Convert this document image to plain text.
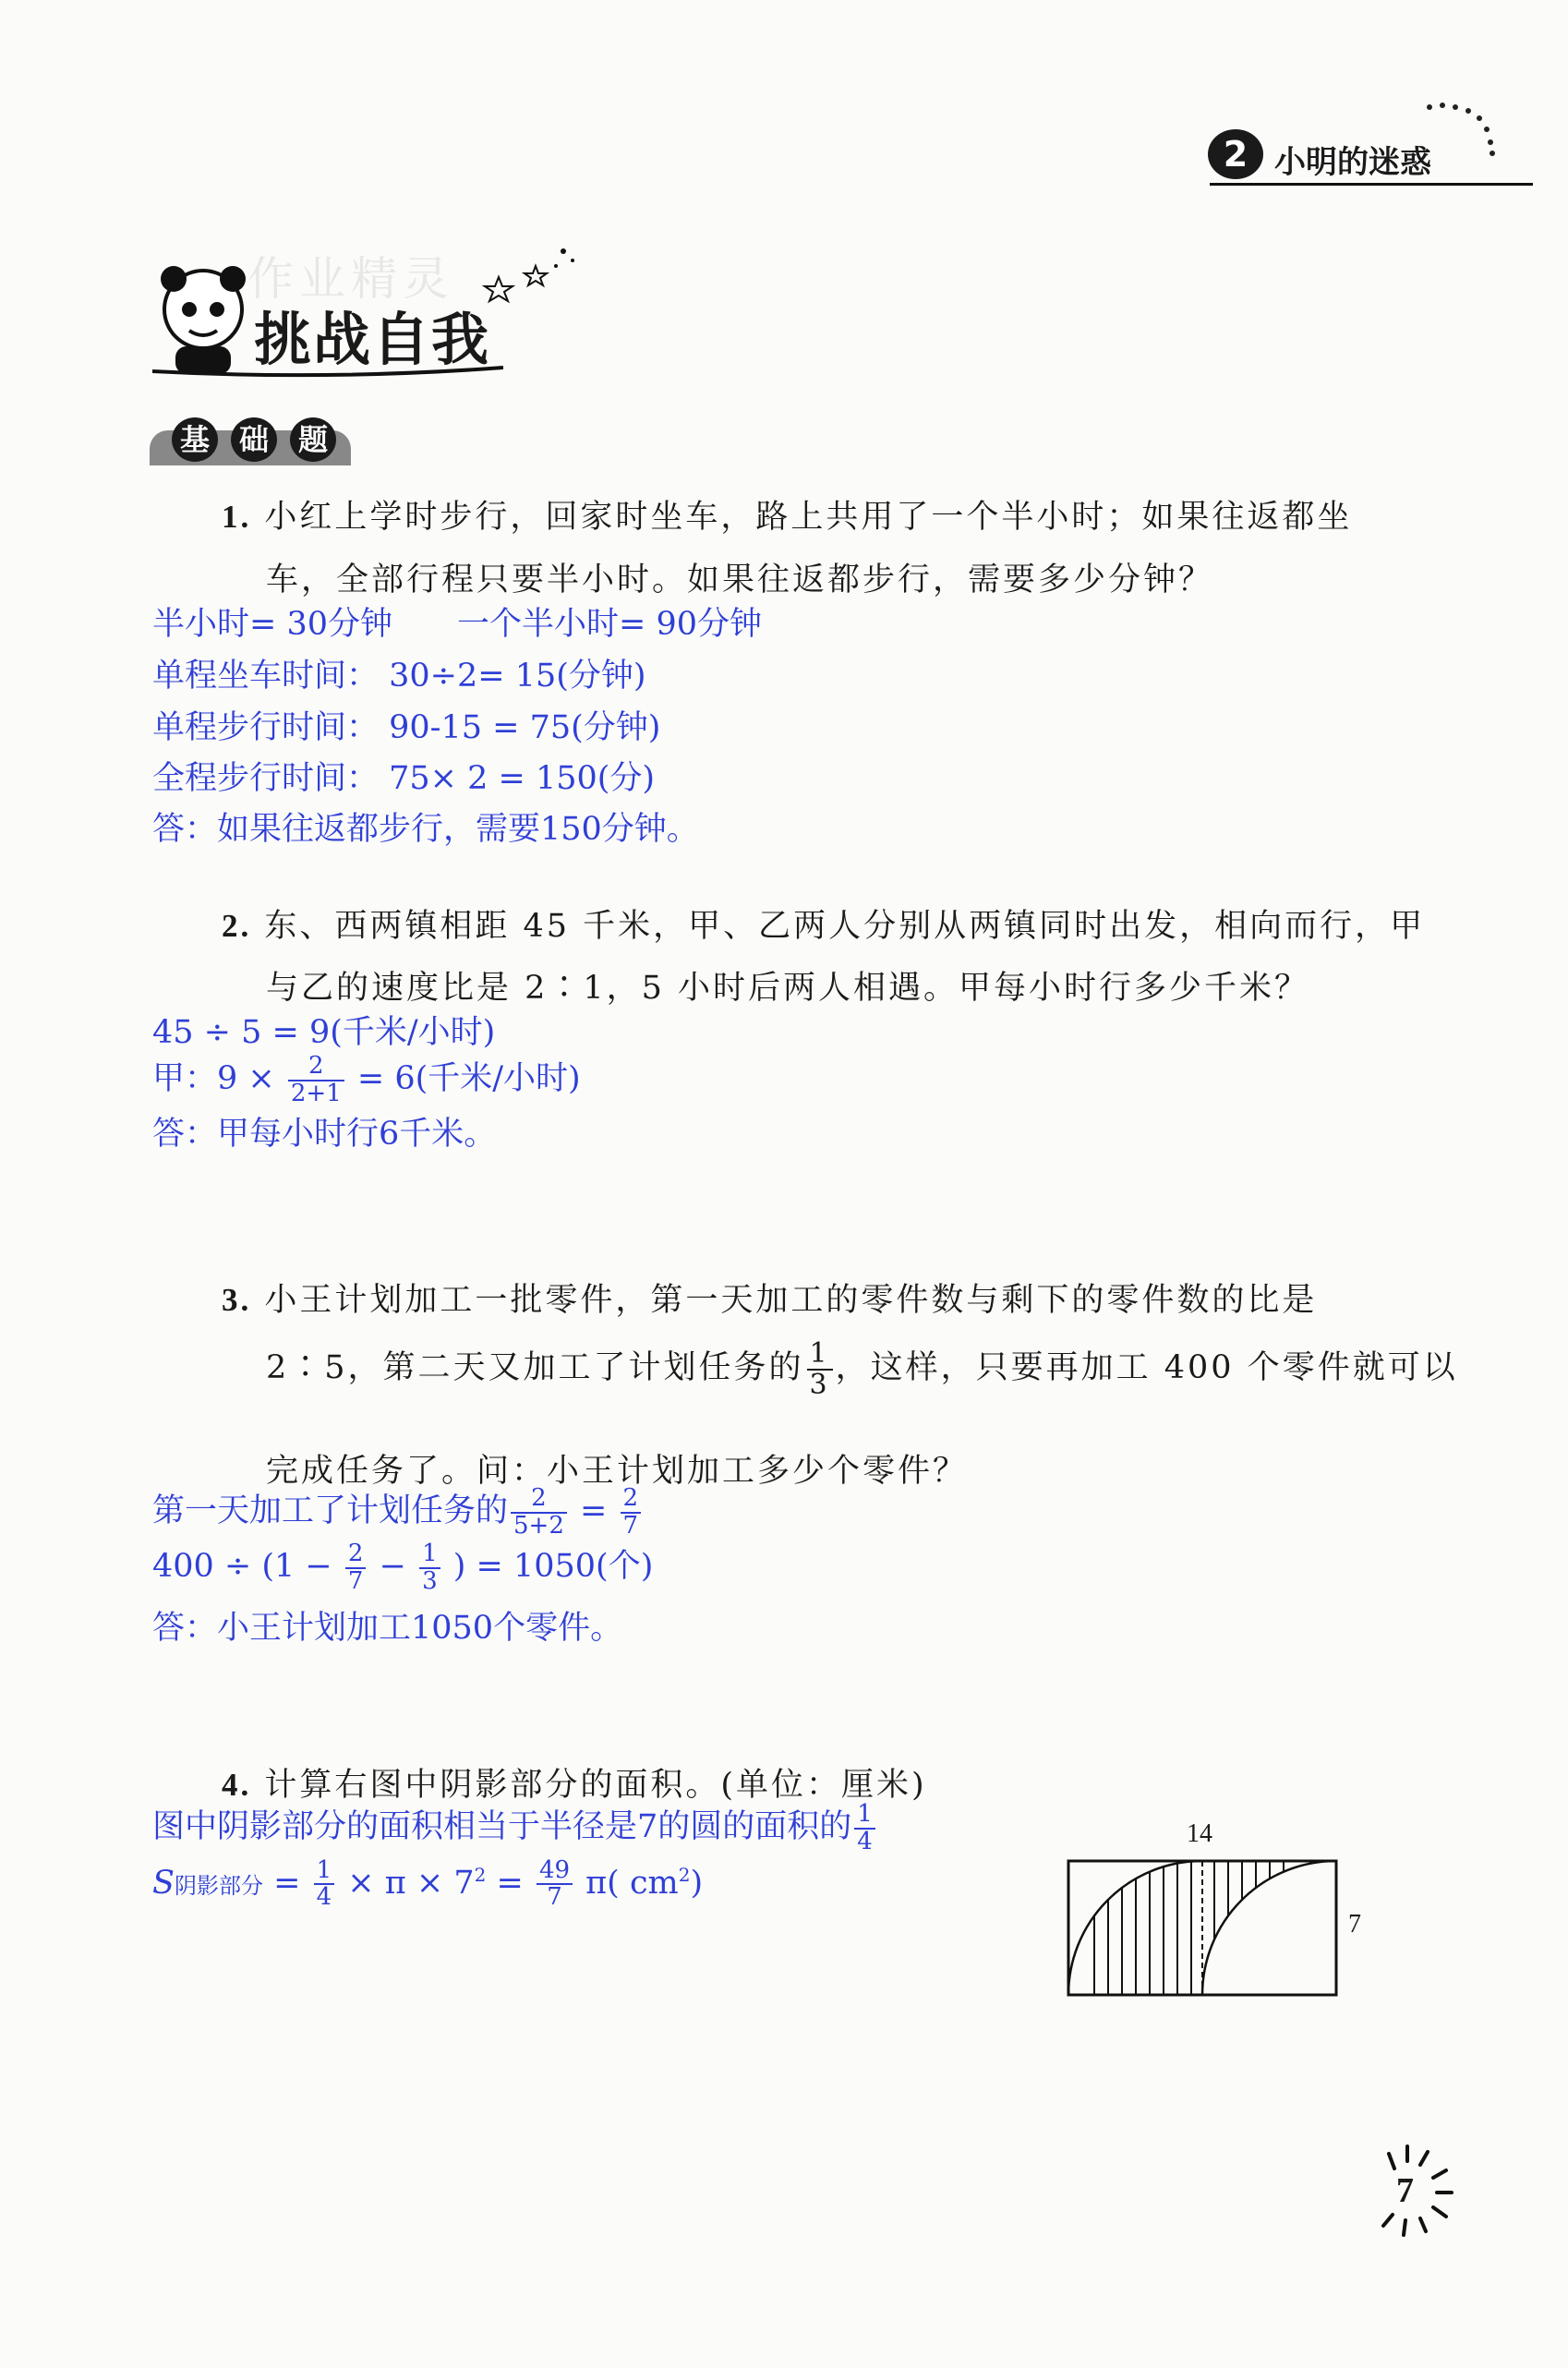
2 小明的迷惑
作业精灵
挑战自我
基 础 题
1. 小红上学时步行，回家时坐车，路上共用了一个半小时；如果往返都坐
车，全部行程只要半小时。如果往返都步行，需要多少分钟？
半小时= 30分钟　　一个半小时= 90分钟
单程坐车时间： 30÷2= 15(分钟)
单程步行时间： 90-15 = 75(分钟)
全程步行时间： 75× 2 = 150(分)
答：如果往返都步行，需要150分钟。
2. 东、西两镇相距 45 千米，甲、乙两人分别从两镇同时出发，相向而行，甲
与乙的速度比是 2∶1，5 小时后两人相遇。甲每小时行多少千米？
45 ÷ 5 = 9(千米/小时)
甲：$9 \times \frac{2}{2+1} = 6$(千米/小时)
答：甲每小时行6千米。
3. 小王计划加工一批零件，第一天加工的零件数与剩下的零件数的比是
2∶5，第二天又加工了计划任务的 $\frac{1}{3}$ ，这样，只要再加工 400 个零件就可以
完成任务了。问：小王计划加工多少个零件？
第一天加工了计划任务的 $\frac{2}{5+2} = \frac{2}{7}$
$400 \div (1 - \frac{2}{7} - \frac{1}{3}$ ) = 1050(个)
答：小王计划加工1050个零件。
4. 计算右图中阴影部分的面积。(单位：厘米)
图中阴影部分的面积相当于半径是7的圆的面积的 $\frac{1}{4}$
S阴影部分 = $\frac{1}{4} \times \pi \times 7^2 = \frac{49}{7} \pi$( $cm^2$)
14
7
7
